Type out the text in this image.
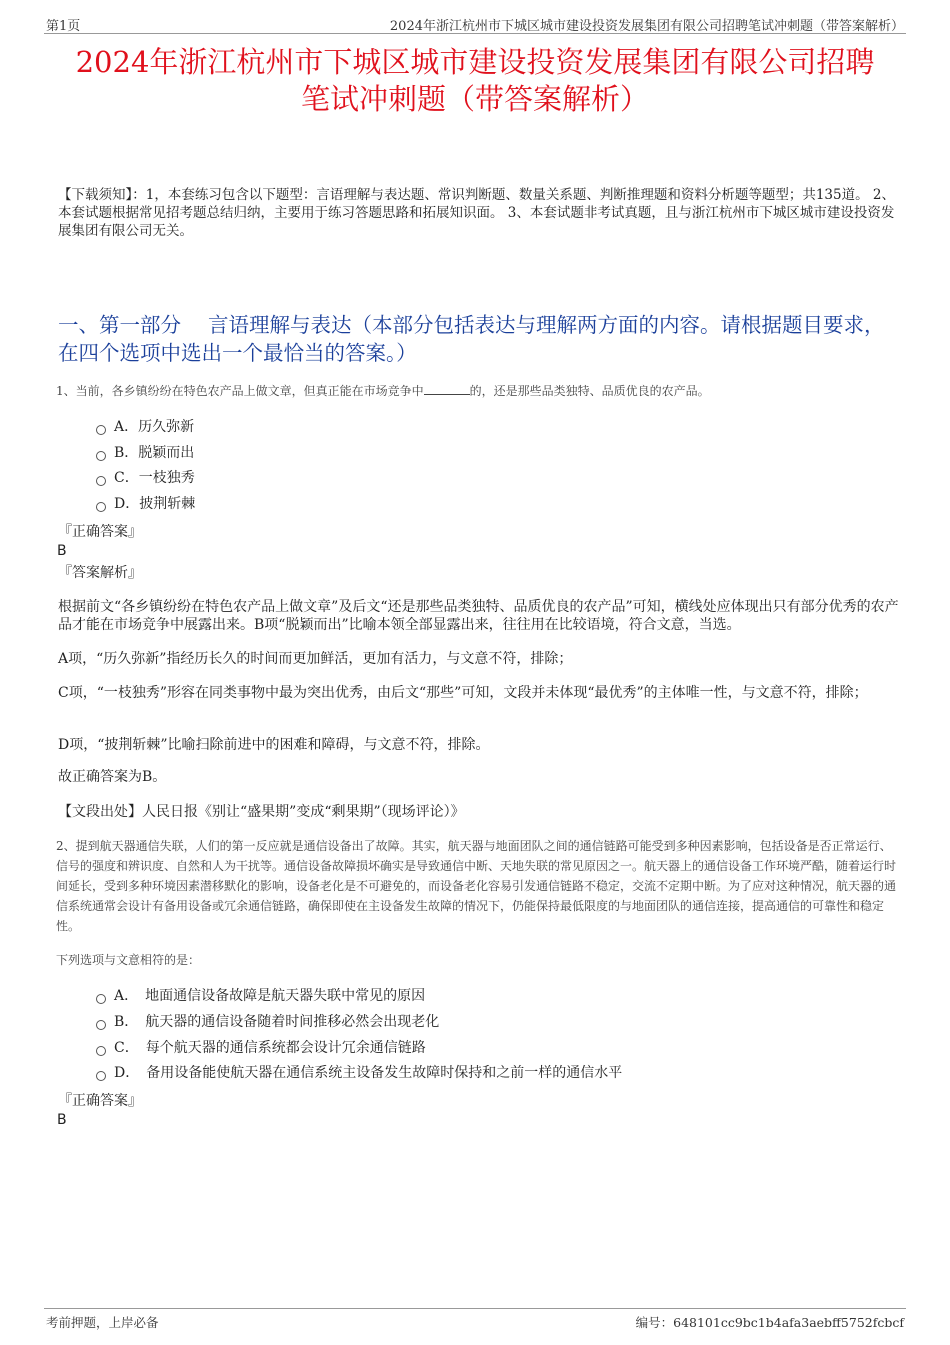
第1页	2024年浙江杭州市下城区城市建设投资发展集团有限公司招聘笔试冲刺题（带答案解析）
2024年浙江杭州市下城区城市建设投资发展集团有限公司招聘
笔试冲刺题（带答案解析）
【下载须知】：1，本套练习包含以下题型：言语理解与表达题、常识判断题、数量关系题、判断推理题和资料分析题等题型；共135道。 2、本套试题根据常见招考题总结归纳，主要用于练习答题思路和拓展知识面。 3、本套试题非考试真题，且与浙江杭州市下城区城市建设投资发展集团有限公司无关。
一、第一部分　 言语理解与表达（本部分包括表达与理解两方面的内容。请根据题目要求，在四个选项中选出一个最恰当的答案。）
1、当前，各乡镇纷纷在特色农产品上做文章，但真正能在市场竞争中	的，还是那些品类独特、品质优良的农产品。
A．历久弥新
B．脱颖而出
C．一枝独秀
D．披荆斩棘
『正确答案』
B
『答案解析』
根据前文“各乡镇纷纷在特色农产品上做文章”及后文“还是那些品类独特、品质优良的农产品”可知，横线处应体现出只有部分优秀的农产品才能在市场竞争中展露出来。B项“脱颖而出”比喻本领全部显露出来，往往用在比较语境，符合文意，当选。
A项，“历久弥新”指经历长久的时间而更加鲜活，更加有活力，与文意不符，排除；
C项，“一枝独秀”形容在同类事物中最为突出优秀，由后文“那些”可知，文段并未体现“最优秀”的主体唯一性，与文意不符，排除；
D项，“披荆斩棘”比喻扫除前进中的困难和障碍，与文意不符，排除。
故正确答案为B。
【文段出处】人民日报《别让“盛果期”变成“剩果期”（现场评论）》
2、提到航天器通信失联，人们的第一反应就是通信设备出了故障。其实，航天器与地面团队之间的通信链路可能受到多种因素影响，包括设备是否正常运行、信号的强度和辨识度、自然和人为干扰等。通信设备故障损坏确实是导致通信中断、天地失联的常见原因之一。航天器上的通信设备工作环境严酷，随着运行时间延长，受到多种环境因素潜移默化的影响，设备老化是不可避免的，而设备老化容易引发通信链路不稳定，交流不定期中断。为了应对这种情况，航天器的通信系统通常会设计有备用设备或冗余通信链路，确保即使在主设备发生故障的情况下，仍能保持最低限度的与地面团队的通信连接，提高通信的可靠性和稳定性。
下列选项与文意相符的是：
A．　地面通信设备故障是航天器失联中常见的原因
B．　航天器的通信设备随着时间推移必然会出现老化
C．　每个航天器的通信系统都会设计冗余通信链路
D．　备用设备能使航天器在通信系统主设备发生故障时保持和之前一样的通信水平
『正确答案』
B
考前押题，上岸必备	编号：648101cc9bc1b4afa3aebff5752fcbcf
